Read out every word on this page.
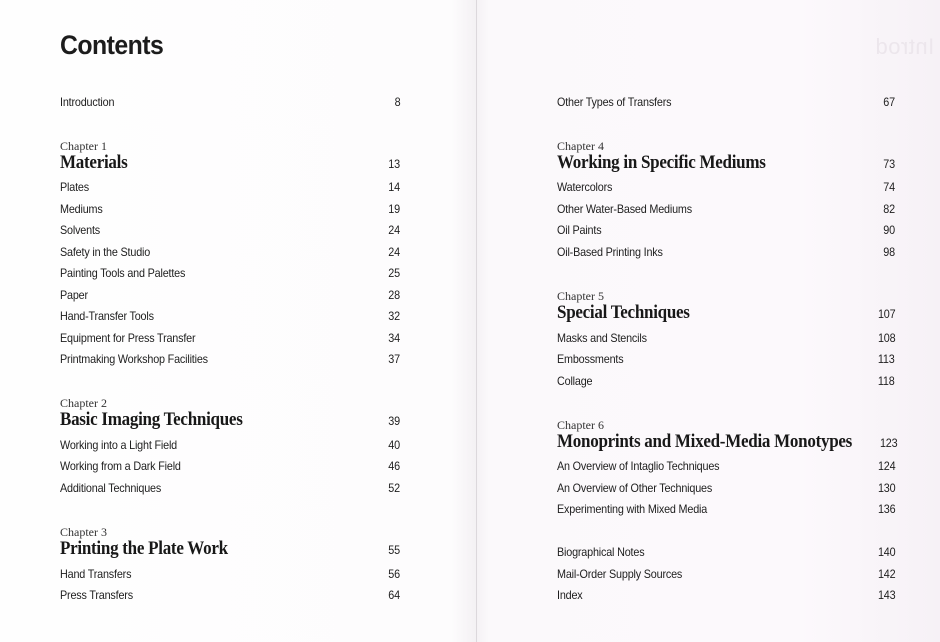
Introd
Contents
Introduction	8
Chapter 1
Materials	13
Plates	14
Mediums	19
Solvents	24
Safety in the Studio	24
Painting Tools and Palettes	25
Paper	28
Hand-Transfer Tools	32
Equipment for Press Transfer	34
Printmaking Workshop Facilities	37
Chapter 2
Basic Imaging Techniques	39
Working into a Light Field	40
Working from a Dark Field	46
Additional Techniques	52
Chapter 3
Printing the Plate Work	55
Hand Transfers	56
Press Transfers	64
Other Types of Transfers	67
Chapter 4
Working in Specific Mediums	73
Watercolors	74
Other Water-Based Mediums	82
Oil Paints	90
Oil-Based Printing Inks	98
Chapter 5
Special Techniques	107
Masks and Stencils	108
Embossments	113
Collage	118
Chapter 6
Monoprints and Mixed-Media Monotypes 123
An Overview of Intaglio Techniques	124
An Overview of Other Techniques	130
Experimenting with Mixed Media	136
Biographical Notes	140
Mail-Order Supply Sources	142
Index	143
